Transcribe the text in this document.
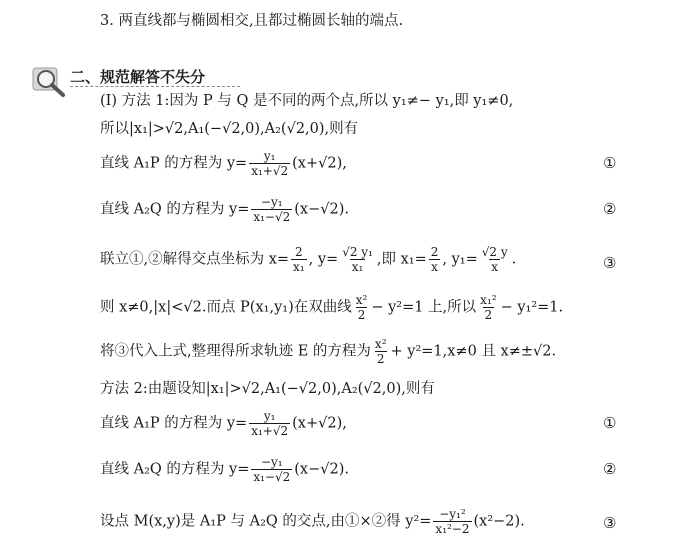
3. 两直线都与椭圆相交,且都过椭圆长轴的端点.
二、规范解答不失分
(Ⅰ) 方法 1:因为 P 与 Q 是不同的两个点,所以 y₁≠− y₁,即 y₁≠0,
所以|x₁|>√2,A₁(−√2,0),A₂(√2,0),则有
直线 A₁P 的方程为 $y= \frac{\text{y₁}}{\text{x₁+√2}} (x+√2)$,	①
直线 A₂Q 的方程为 $y= \frac{\text{−y₁}}{\text{x₁−√2}} (x-√2)$.	②
联立①,②解得交点坐标为 $x= \frac{2}{\text{x₁}}$ , $y= \frac{\text{√2 y₁}}{\text{x₁}}$ ,即 $x_1= \frac{2}{x}$ , $y_1= \frac{√2 y}{x}$ .	③
则 x≠0,|x|<√2.而点 P(x₁,y₁)在双曲线 $\frac{\text{x²}}{2} - y^2=1$ 上,所以 $\frac{\text{x₁²}}{2} - y_1^2=1$.
将③代入上式,整理得所求轨迹 E 的方程为 $\frac{\text{x²}}{2} + y^2=1,x\ne 0$ 且 x≠±√2.
方法 2:由题设知|x₁|>√2,A₁(−√2,0),A₂(√2,0),则有
直线 A₁P 的方程为 $y= \frac{\text{y₁}}{\text{x₁+√2}} (x+√2)$,	①
直线 A₂Q 的方程为 $y= \frac{\text{−y₁}}{\text{x₁−√2}} (x-√2)$.	②
设点 M(x,y)是 A₁P 与 A₂Q 的交点,由①×②得 $y^2= \frac{\text{−y₁²}}{\text{x₁²−2}} (x^2-2)$.	③
